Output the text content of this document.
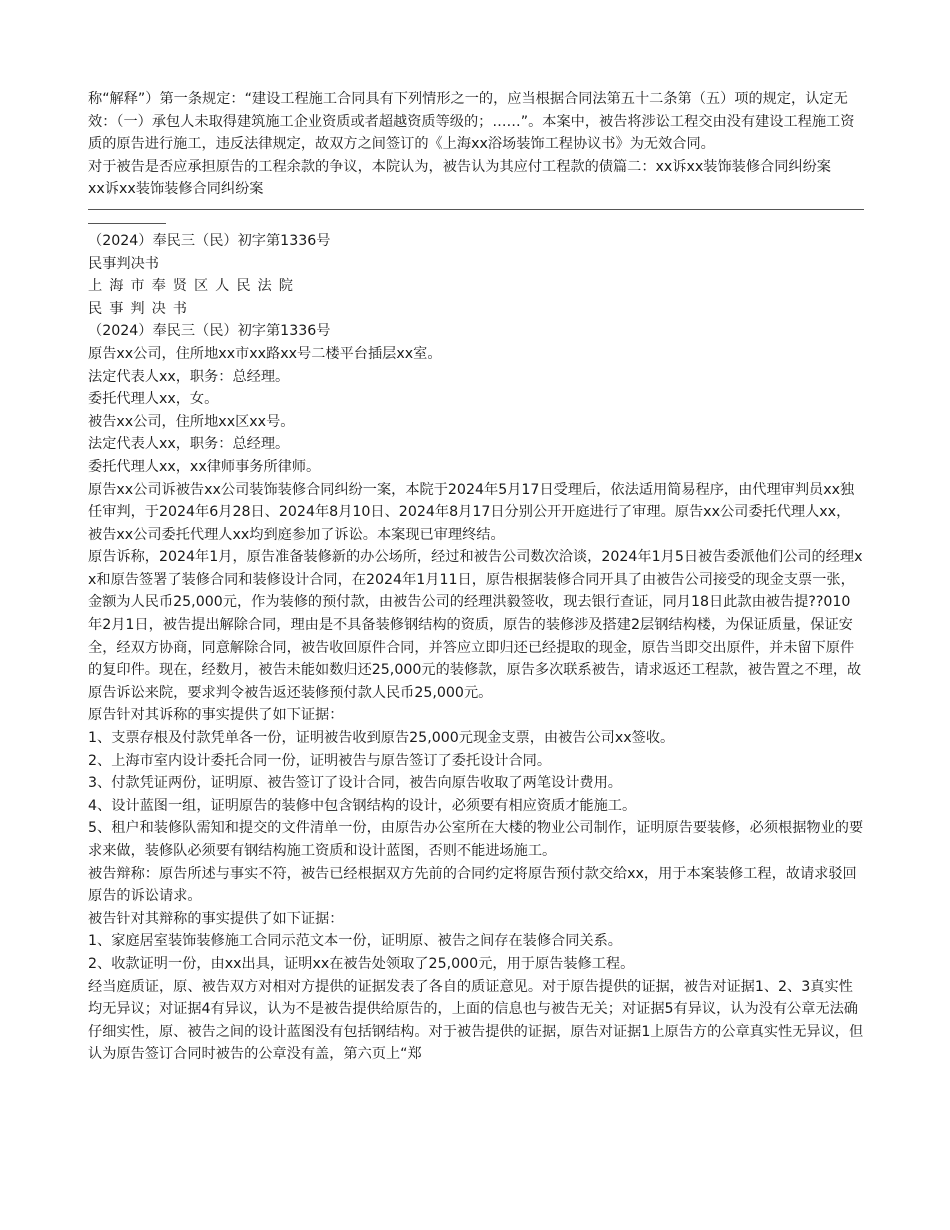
称“解释”）第一条规定：“建设工程施工合同具有下列情形之一的，应当根据合同法第五十二条第（五）项的规定，认定无效：（一）承包人未取得建筑施工企业资质或者超越资质等级的；……”。本案中，被告将涉讼工程交由没有建设工程施工资质的原告进行施工，违反法律规定，故双方之间签订的《上海xx浴场装饰工程协议书》为无效合同。

对于被告是否应承担原告的工程余款的争议，本院认为，被告认为其应付工程款的债篇二：xx诉xx装饰装修合同纠纷案

xx诉xx装饰装修合同纠纷案

（2024）奉民三（民）初字第1336号
民事判决书
上海市奉贤区人民法院
民事判决书
（2024）奉民三（民）初字第1336号
原告xx公司，住所地xx市xx路xx号二楼平台插层xx室。
法定代表人xx，职务：总经理。
委托代理人xx，女。
被告xx公司，住所地xx区xx号。
法定代表人xx，职务：总经理。
委托代理人xx，xx律师事务所律师。

原告xx公司诉被告xx公司装饰装修合同纠纷一案，本院于2024年5月17日受理后，依法适用简易程序，由代理审判员xx独任审判，于2024年6月28日、2024年8月10日、2024年8月17日分别公开开庭进行了审理。原告xx公司委托代理人xx，被告xx公司委托代理人xx均到庭参加了诉讼。本案现已审理终结。

原告诉称，2024年1月，原告准备装修新的办公场所，经过和被告公司数次洽谈，2024年1月5日被告委派他们公司的经理xx和原告签署了装修合同和装修设计合同，在2024年1月11日，原告根据装修合同开具了由被告公司接受的现金支票一张，金额为人民币25,000元，作为装修的预付款，由被告公司的经理洪毅签收，现去银行查证，同月18日此款由被告提??010年2月1日，被告提出解除合同，理由是不具备装修钢结构的资质，原告的装修涉及搭建2层钢结构楼，为保证质量，保证安全，经双方协商，同意解除合同，被告收回原件合同，并答应立即归还已经提取的现金，原告当即交出原件，并未留下原件的复印件。现在，经数月，被告未能如数归还25,000元的装修款，原告多次联系被告，请求返还工程款，被告置之不理，故原告诉讼来院，要求判令被告返还装修预付款人民币25,000元。

原告针对其诉称的事实提供了如下证据：

1、支票存根及付款凭单各一份，证明被告收到原告25,000元现金支票，由被告公司xx签收。

2、上海市室内设计委托合同一份，证明被告与原告签订了委托设计合同。

3、付款凭证两份，证明原、被告签订了设计合同，被告向原告收取了两笔设计费用。

4、设计蓝图一组，证明原告的装修中包含钢结构的设计，必须要有相应资质才能施工。

5、租户和装修队需知和提交的文件清单一份，由原告办公室所在大楼的物业公司制作，证明原告要装修，必须根据物业的要求来做，装修队必须要有钢结构施工资质和设计蓝图，否则不能进场施工。

被告辩称：原告所述与事实不符，被告已经根据双方先前的合同约定将原告预付款交给xx，用于本案装修工程，故请求驳回原告的诉讼请求。

被告针对其辩称的事实提供了如下证据：

1、家庭居室装饰装修施工合同示范文本一份，证明原、被告之间存在装修合同关系。

2、收款证明一份，由xx出具，证明xx在被告处领取了25,000元，用于原告装修工程。

经当庭质证，原、被告双方对相对方提供的证据发表了各自的质证意见。对于原告提供的证据，被告对证据1、2、3真实性均无异议；对证据4有异议，认为不是被告提供给原告的，上面的信息也与被告无关；对证据5有异议，认为没有公章无法确仔细实性，原、被告之间的设计蓝图没有包括钢结构。对于被告提供的证据，原告对证据1上原告方的公章真实性无异议，但认为原告签订合同时被告的公章没有盖，第六页上“郑
